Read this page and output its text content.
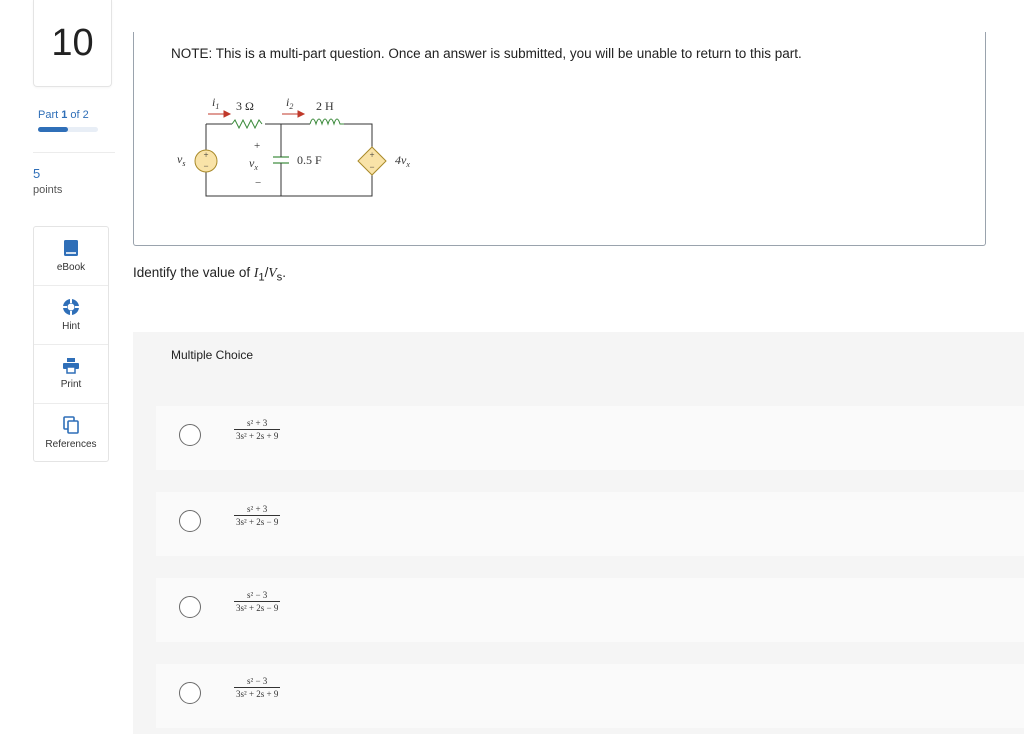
10
Part 1 of 2
5
points
eBook
Hint
Print
References
NOTE: This is a multi-part question. Once an answer is submitted, you will be unable to return to this part.
+
−
+
−
$i_1$ 3 Ω	$i_2$ 2 H
$v_s$
+
$v_x$
−
0.5 F	$4v_x$
Identify the value of $I_1/V_s$.
Multiple Choice
s² + 3
3s² + 2s + 9
s² + 3
3s² + 2s − 9
s² − 3
3s² + 2s − 9
s² − 3
3s² + 2s + 9
